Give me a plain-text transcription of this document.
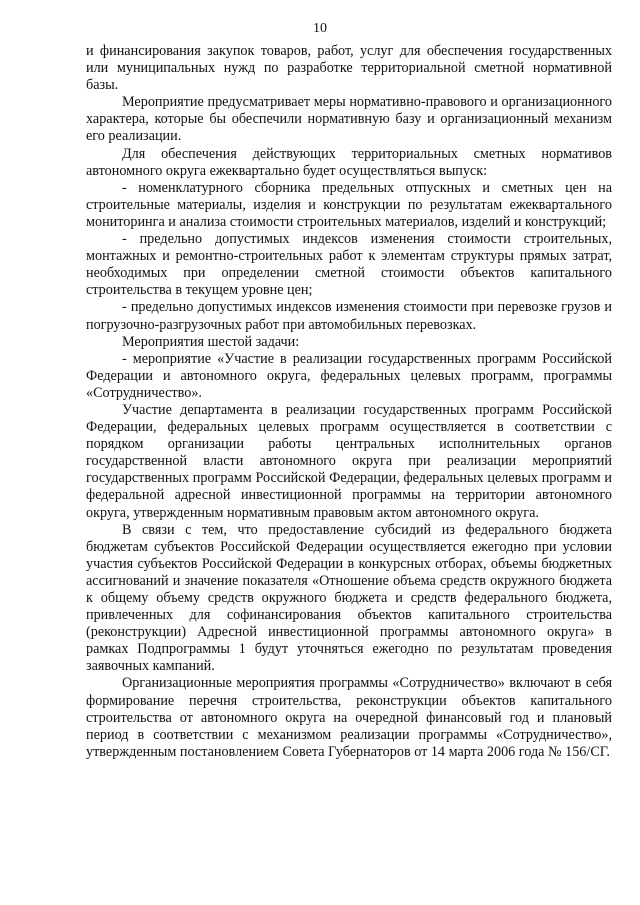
10

и финансирования закупок товаров, работ, услуг для обеспечения государственных или муниципальных нужд по разработке территориальной сметной нормативной базы.

Мероприятие предусматривает меры нормативно-правового и организационного характера, которые бы обеспечили нормативную базу и организационный механизм его реализации.

Для обеспечения действующих территориальных сметных нормативов автономного округа ежеквартально будет осуществляться выпуск:

- номенклатурного сборника предельных отпускных и сметных цен на строительные материалы, изделия и конструкции по результатам ежеквартального мониторинга и анализа стоимости строительных материалов, изделий и конструкций;

- предельно допустимых индексов изменения стоимости строительных, монтажных и ремонтно-строительных работ к элементам структуры прямых затрат, необходимых при определении сметной стоимости объектов капитального строительства в текущем уровне цен;

- предельно допустимых индексов изменения стоимости при перевозке грузов и погрузочно-разгрузочных работ при автомобильных перевозках.

Мероприятия шестой задачи:

- мероприятие «Участие в реализации государственных программ Российской Федерации и автономного округа, федеральных целевых программ, программы «Сотрудничество».

Участие департамента в реализации государственных программ Российской Федерации, федеральных целевых программ осуществляется в соответствии с порядком организации работы центральных исполнительных органов государственной власти автономного округа при реализации мероприятий государственных программ Российской Федерации, федеральных целевых программ и федеральной адресной инвестиционной программы на территории автономного округа, утвержденным нормативным правовым актом автономного округа.

В связи с тем, что предоставление субсидий из федерального бюджета бюджетам субъектов Российской Федерации осуществляется ежегодно при условии участия субъектов Российской Федерации в конкурсных отборах, объемы бюджетных ассигнований и значение показателя «Отношение объема средств окружного бюджета к общему объему средств окружного бюджета и средств федерального бюджета, привлеченных для софинансирования объектов капитального строительства (реконструкции) Адресной инвестиционной программы автономного округа» в рамках Подпрограммы 1 будут уточняться ежегодно по результатам проведения заявочных кампаний.

Организационные мероприятия программы «Сотрудничество» включают в себя формирование перечня строительства, реконструкции объектов капитального строительства от автономного округа на очередной финансовый год и плановый период в соответствии с механизмом реализации программы «Сотрудничество», утвержденным постановлением Совета Губернаторов от 14 марта 2006 года № 156/СГ.
